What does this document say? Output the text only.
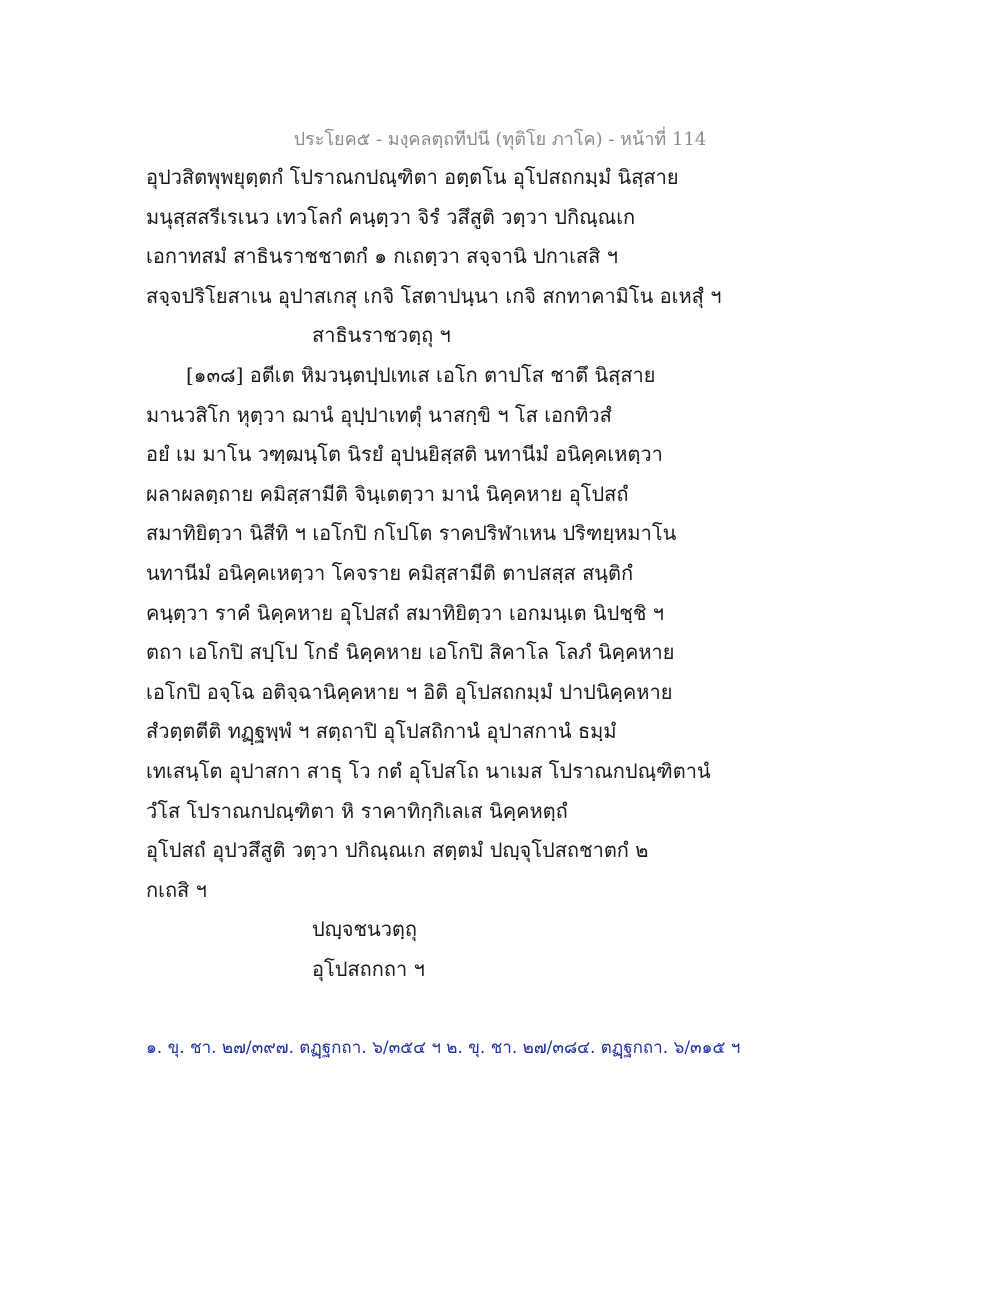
ประโยค๕ - มงฺคลตฺถทีปนี (ทุติโย ภาโค) - หน้าที่ 114
อุปวสิตพุพยุตฺตกํ โปราณกปณฺฑิตา อตฺตโน อุโปสถกมฺมํ นิสฺสาย
มนุสฺสสรีเรเนว เทวโลกํ คนฺตฺวา จิรํ วสึสูติ วตฺวา ปกิณฺณเก
เอกาทสมํ สาธินราชชาตกํ ๑ กเถตฺวา สจฺจานิ ปกาเสสิ ฯ
สจฺจปริโยสาเน อุปาสเกสุ เกจิ โสตาปนฺนา เกจิ สกทาคามิโน อเหสุํ ฯ
สาธินราชวตฺถุ ฯ
[๑๓๘] อตีเต หิมวนฺตปฺปเทเส เอโก ตาปโส ชาตึ นิสฺสาย
มานวสิโก หุตฺวา ฌานํ อุปฺปาเทตุํ นาสกฺขิ ฯ โส เอกทิวสํ
อยํ เม มาโน วฑฺฒนฺโต นิรยํ อุปนยิสฺสติ นทานีมํ อนิคฺคเหตฺวา
ผลาผลตฺถาย คมิสฺสามีติ จินฺเตตฺวา มานํ นิคฺคหาย อุโปสถํ
สมาทิยิตฺวา นิสีทิ ฯ เอโกปิ กโปโต ราคปริฬาเหน ปริฑยฺหมาโน
นทานีมํ อนิคฺคเหตฺวา โคจราย คมิสฺสามีติ ตาปสสฺส สนฺติกํ
คนฺตฺวา ราคํ นิคฺคหาย อุโปสถํ สมาทิยิตฺวา เอกมนฺเต นิปชฺชิ ฯ
ตถา เอโกปิ สปฺโป โกธํ นิคฺคหาย เอโกปิ สิคาโล โลภํ นิคฺคหาย
เอโกปิ อจฺโฉ อติจฺฉานิคฺคหาย ฯ อิติ อุโปสถกมฺมํ ปาปนิคฺคหาย
สํวตฺตตีติ ทฏฺฐพฺพํ ฯ สตฺถาปิ อุโปสถิกานํ อุปาสกานํ ธมฺมํ
เทเสนฺโต อุปาสกา สาธุ โว กตํ อุโปสโถ นาเมส โปราณกปณฺฑิตานํ
วํโส โปราณกปณฺฑิตา หิ ราคาทิกฺกิเลเส นิคฺคหตฺถํ
อุโปสถํ อุปวสึสูติ วตฺวา ปกิณฺณเก สตฺตมํ ปญฺจุโปสถชาตกํ ๒
กเถสิ ฯ
ปญฺจชนวตฺถุ
อุโปสถกถา ฯ
๑. ขุ. ชา. ๒๗/๓๙๗. ตฏฺฐกถา. ๖/๓๕๔ ฯ ๒. ขุ. ชา. ๒๗/๓๘๔. ตฏฺฐกถา. ๖/๓๑๕ ฯ
